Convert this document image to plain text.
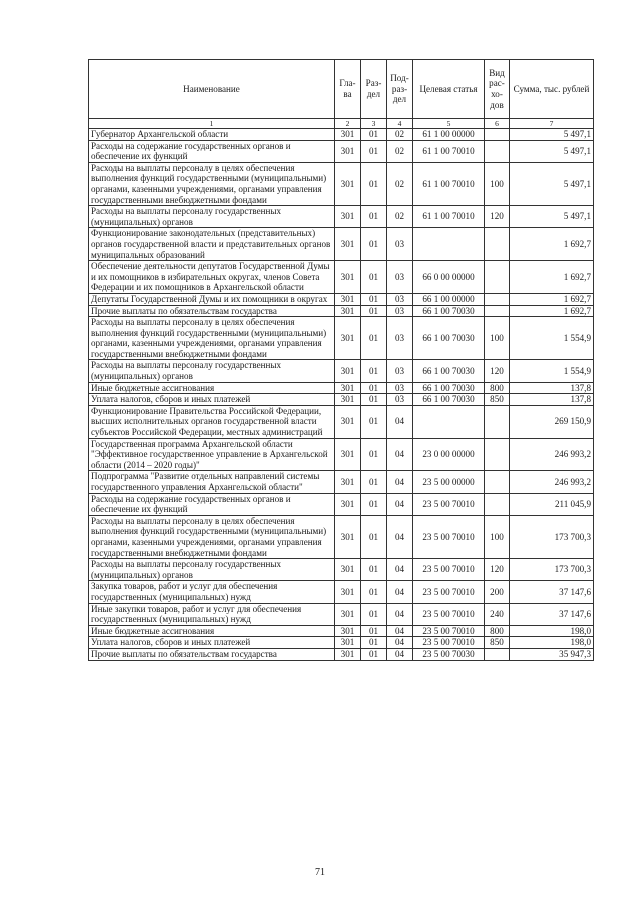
Наименование	Гла-ва	Раз-дел	Под-раз-дел	Целевая статья	Вид рас-хо-дов	Сумма, тыс. рублей
1	2	3	4	5	6	7
Губернатор Архангельской области	301	01	02	61 1 00 00000		5 497,1
Расходы на содержание государственных органов и обеспечение их функций	301	01	02	61 1 00 70010		5 497,1
Расходы на выплаты персоналу в целях обеспечения выполнения функций государственными (муниципальными) органами, казенными учреждениями, органами управления государственными внебюджетными фондами	301	01	02	61 1 00 70010	100	5 497,1
Расходы на выплаты персоналу государственных (муниципальных) органов	301	01	02	61 1 00 70010	120	5 497,1
Функционирование законодательных (представительных) органов государственной власти и представительных органов муниципальных образований	301	01	03			1 692,7
Обеспечение деятельности депутатов Государственной Думы и их помощников в избирательных округах, членов Совета Федерации и их помощников в Архангельской области	301	01	03	66 0 00 00000		1 692,7
Депутаты Государственной Думы и их помощники в округах	301	01	03	66 1 00 00000		1 692,7
Прочие выплаты по обязательствам государства	301	01	03	66 1 00 70030		1 692,7
Расходы на выплаты персоналу в целях обеспечения выполнения функций государственными (муниципальными) органами, казенными учреждениями, органами управления государственными внебюджетными фондами	301	01	03	66 1 00 70030	100	1 554,9
Расходы на выплаты персоналу государственных (муниципальных) органов	301	01	03	66 1 00 70030	120	1 554,9
Иные бюджетные ассигнования	301	01	03	66 1 00 70030	800	137,8
Уплата налогов, сборов и иных платежей	301	01	03	66 1 00 70030	850	137,8
Функционирование Правительства Российской Федерации, высших исполнительных органов государственной власти субъектов Российской Федерации, местных администраций	301	01	04			269 150,9
Государственная программа Архангельской области "Эффективное государственное управление в Архангельской области (2014 – 2020 годы)"	301	01	04	23 0 00 00000		246 993,2
Подпрограмма "Развитие отдельных направлений системы государственного управления Архангельской области"	301	01	04	23 5 00 00000		246 993,2
Расходы на содержание государственных органов и обеспечение их функций	301	01	04	23 5 00 70010		211 045,9
Расходы на выплаты персоналу в целях обеспечения выполнения функций государственными (муниципальными) органами, казенными учреждениями, органами управления государственными внебюджетными фондами	301	01	04	23 5 00 70010	100	173 700,3
Расходы на выплаты персоналу государственных (муниципальных) органов	301	01	04	23 5 00 70010	120	173 700,3
Закупка товаров, работ и услуг для обеспечения государственных (муниципальных) нужд	301	01	04	23 5 00 70010	200	37 147,6
Иные закупки товаров, работ и услуг для обеспечения государственных (муниципальных) нужд	301	01	04	23 5 00 70010	240	37 147,6
Иные бюджетные ассигнования	301	01	04	23 5 00 70010	800	198,0
Уплата налогов, сборов и иных платежей	301	01	04	23 5 00 70010	850	198,0
Прочие выплаты по обязательствам государства	301	01	04	23 5 00 70030		35 947,3
71
